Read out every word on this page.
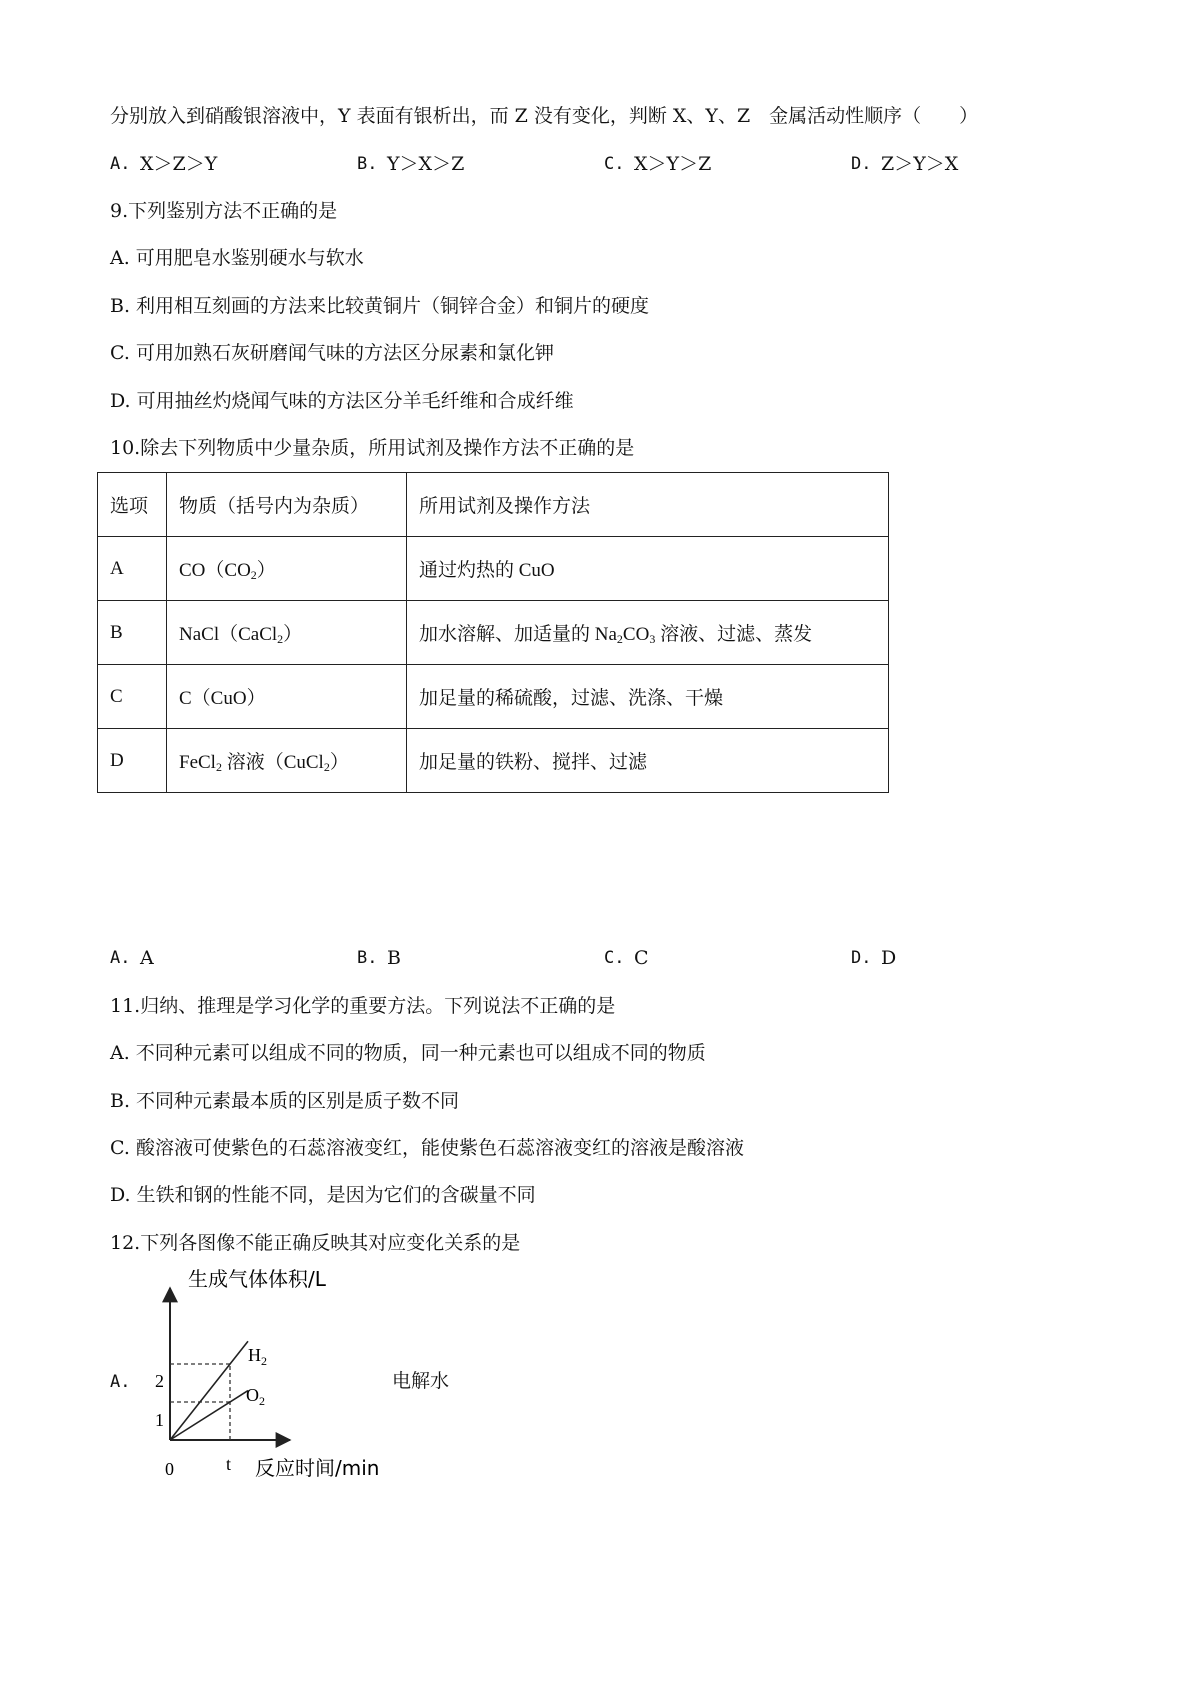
分别放入到硝酸银溶液中，Y 表面有银析出，而 Z 没有变化，判断 X、Y、Z　金属活动性顺序（　　）
A. X＞Z＞Y	B. Y＞X＞Z	C. X＞Y＞Z	D. Z＞Y＞X
9.下列鉴别方法不正确的是
A. 可用肥皂水鉴别硬水与软水
B. 利用相互刻画的方法来比较黄铜片（铜锌合金）和铜片的硬度
C. 可用加熟石灰研磨闻气味的方法区分尿素和氯化钾
D. 可用抽丝灼烧闻气味的方法区分羊毛纤维和合成纤维
10.除去下列物质中少量杂质，所用试剂及操作方法不正确的是
选项	物质（括号内为杂质）	所用试剂及操作方法
A	$CO(CO_2)$	通过灼热的 CuO
B	NaCl（CaCl$_2$）	加水溶解、加适量的 $Na_2CO_3$ 溶液、过滤、蒸发
C	C（CuO）	加足量的稀硫酸，过滤、洗涤、干燥
D	FeCl$_2$ 溶液（CuCl$_2$）	加足量的铁粉、搅拌、过滤
A. A	B. B	C. C	D. D
11.归纳、推理是学习化学的重要方法。下列说法不正确的是
A. 不同种元素可以组成不同的物质，同一种元素也可以组成不同的物质
B. 不同种元素最本质的区别是质子数不同
C. 酸溶液可使紫色的石蕊溶液变红，能使紫色石蕊溶液变红的溶液是酸溶液
D. 生铁和钢的性能不同，是因为它们的含碳量不同
12.下列各图像不能正确反映其对应变化关系的是
A.	电解水
生成气体体积/L
反应时间/min
0	t
1
2
$H_2$
$O_2$
